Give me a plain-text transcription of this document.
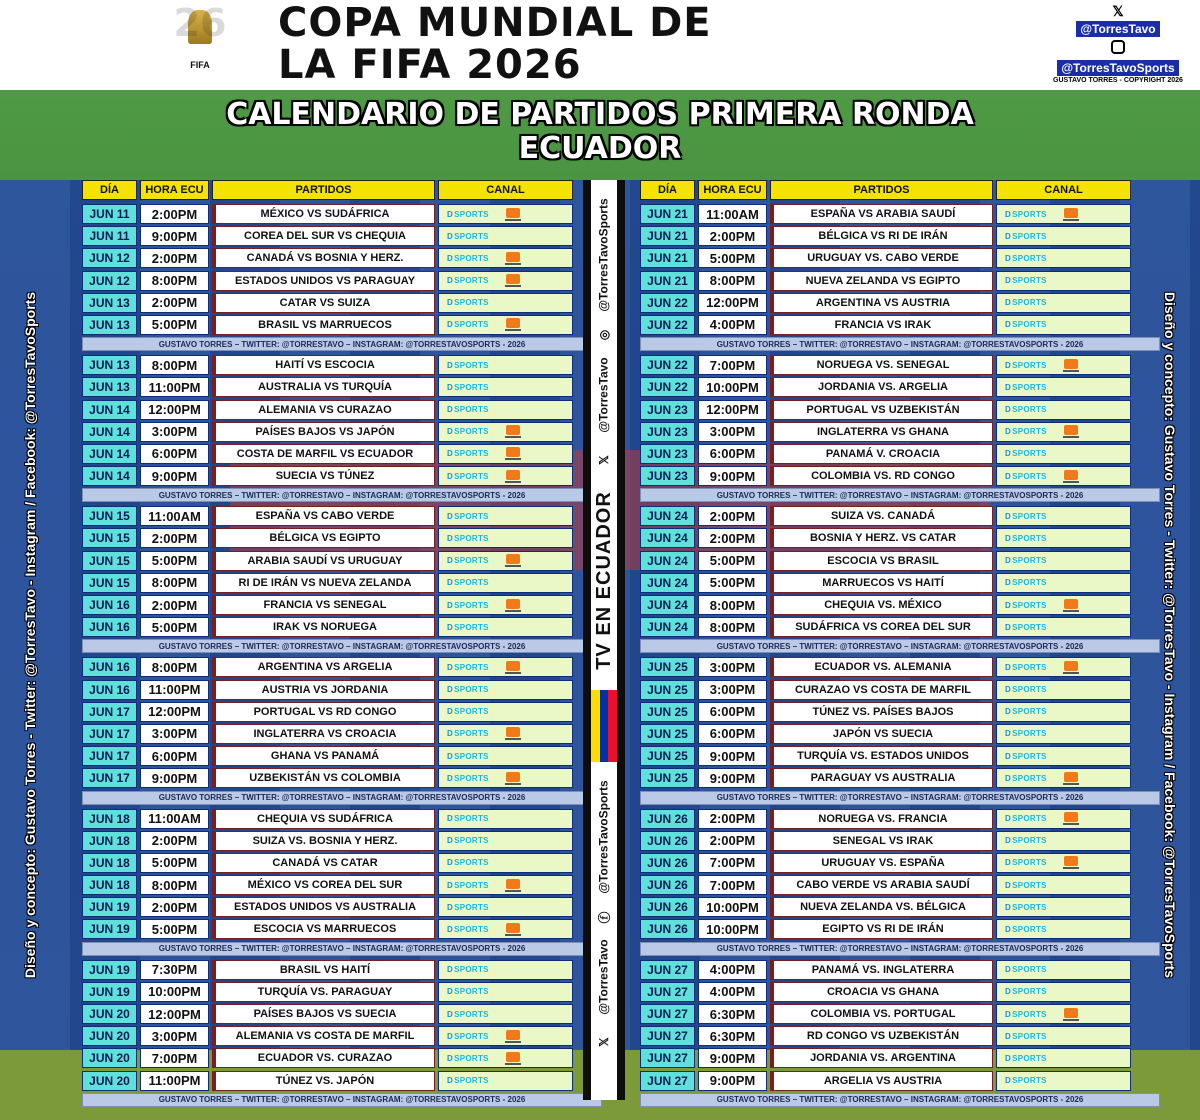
26
FIFA
COPA MUNDIAL DE
LA FIFA 2026
𝕏
@TorresTavo
@TorresTavoSports
GUSTAVO TORRES - COPYRIGHT 2026
CALENDARIO DE PARTIDOS PRIMERA RONDA
ECUADOR
Diseño y concepto: Gustavo Torres - Twitter: @TorresTavo - Instagram / Facebook: @TorresTavoSports	Diseño y concepto: Gustavo Torres - Twitter: @TorresTavo - Instagram / Facebook: @TorresTavoSports
DÍA	HORA ECU	PARTIDOS	CANAL
JUN 11	2:00PM	MÉXICO VS SUDÁFRICA	D SPORTS
JUN 11	9:00PM	COREA DEL SUR VS CHEQUIA	D SPORTS
JUN 12	2:00PM	CANADÁ VS BOSNIA Y HERZ.	D SPORTS
JUN 12	8:00PM	ESTADOS UNIDOS VS PARAGUAY	D SPORTS
JUN 13	2:00PM	CATAR VS SUIZA	D SPORTS
JUN 13	5:00PM	BRASIL VS MARRUECOS	D SPORTS
GUSTAVO TORRES – TWITTER: @TORRESTAVO – INSTAGRAM: @TORRESTAVOSPORTS - 2026
JUN 13	8:00PM	HAITÍ VS ESCOCIA	D SPORTS
JUN 13	11:00PM	AUSTRALIA VS TURQUÍA	D SPORTS
JUN 14	12:00PM	ALEMANIA VS CURAZAO	D SPORTS
JUN 14	3:00PM	PAÍSES BAJOS VS JAPÓN	D SPORTS
JUN 14	6:00PM	COSTA DE MARFIL VS ECUADOR	D SPORTS
JUN 14	9:00PM	SUECIA VS TÚNEZ	D SPORTS
GUSTAVO TORRES – TWITTER: @TORRESTAVO – INSTAGRAM: @TORRESTAVOSPORTS - 2026
JUN 15	11:00AM	ESPAÑA VS CABO VERDE	D SPORTS
JUN 15	2:00PM	BÉLGICA VS EGIPTO	D SPORTS
JUN 15	5:00PM	ARABIA SAUDÍ VS URUGUAY	D SPORTS
JUN 15	8:00PM	RI DE IRÁN VS NUEVA ZELANDA	D SPORTS
JUN 16	2:00PM	FRANCIA VS SENEGAL	D SPORTS
JUN 16	5:00PM	IRAK VS NORUEGA	D SPORTS
GUSTAVO TORRES – TWITTER: @TORRESTAVO – INSTAGRAM: @TORRESTAVOSPORTS - 2026
JUN 16	8:00PM	ARGENTINA VS ARGELIA	D SPORTS
JUN 16	11:00PM	AUSTRIA VS JORDANIA	D SPORTS
JUN 17	12:00PM	PORTUGAL VS RD CONGO	D SPORTS
JUN 17	3:00PM	INGLATERRA VS CROACIA	D SPORTS
JUN 17	6:00PM	GHANA VS PANAMÁ	D SPORTS
JUN 17	9:00PM	UZBEKISTÁN VS COLOMBIA	D SPORTS
GUSTAVO TORRES – TWITTER: @TORRESTAVO – INSTAGRAM: @TORRESTAVOSPORTS - 2026
JUN 18	11:00AM	CHEQUIA VS SUDÁFRICA	D SPORTS
JUN 18	2:00PM	SUIZA VS. BOSNIA Y HERZ.	D SPORTS
JUN 18	5:00PM	CANADÁ VS CATAR	D SPORTS
JUN 18	8:00PM	MÉXICO VS COREA DEL SUR	D SPORTS
JUN 19	2:00PM	ESTADOS UNIDOS VS AUSTRALIA	D SPORTS
JUN 19	5:00PM	ESCOCIA VS MARRUECOS	D SPORTS
GUSTAVO TORRES – TWITTER: @TORRESTAVO – INSTAGRAM: @TORRESTAVOSPORTS - 2026
JUN 19	7:30PM	BRASIL VS HAITÍ	D SPORTS
JUN 19	10:00PM	TURQUÍA VS. PARAGUAY	D SPORTS
JUN 20	12:00PM	PAÍSES BAJOS VS SUECIA	D SPORTS
JUN 20	3:00PM	ALEMANIA VS COSTA DE MARFIL	D SPORTS
JUN 20	7:00PM	ECUADOR VS. CURAZAO	D SPORTS
JUN 20	11:00PM	TÚNEZ VS. JAPÓN	D SPORTS
GUSTAVO TORRES – TWITTER: @TORRESTAVO – INSTAGRAM: @TORRESTAVOSPORTS - 2026
@TorresTavoSports
◎
@TorresTavo
𝕏
TV EN ECUADOR
@TorresTavoSports
ⓕ
@TorresTavo
𝕏
DÍA	HORA ECU	PARTIDOS	CANAL
JUN 21	11:00AM	ESPAÑA VS ARABIA SAUDÍ	D SPORTS
JUN 21	2:00PM	BÉLGICA VS RI DE IRÁN	D SPORTS
JUN 21	5:00PM	URUGUAY VS. CABO VERDE	D SPORTS
JUN 21	8:00PM	NUEVA ZELANDA VS EGIPTO	D SPORTS
JUN 22	12:00PM	ARGENTINA VS AUSTRIA	D SPORTS
JUN 22	4:00PM	FRANCIA VS IRAK	D SPORTS
GUSTAVO TORRES – TWITTER: @TORRESTAVO – INSTAGRAM: @TORRESTAVOSPORTS - 2026
JUN 22	7:00PM	NORUEGA VS. SENEGAL	D SPORTS
JUN 22	10:00PM	JORDANIA VS. ARGELIA	D SPORTS
JUN 23	12:00PM	PORTUGAL VS UZBEKISTÁN	D SPORTS
JUN 23	3:00PM	INGLATERRA VS GHANA	D SPORTS
JUN 23	6:00PM	PANAMÁ V. CROACIA	D SPORTS
JUN 23	9:00PM	COLOMBIA VS. RD CONGO	D SPORTS
GUSTAVO TORRES – TWITTER: @TORRESTAVO – INSTAGRAM: @TORRESTAVOSPORTS - 2026
JUN 24	2:00PM	SUIZA VS. CANADÁ	D SPORTS
JUN 24	2:00PM	BOSNIA Y HERZ. VS CATAR	D SPORTS
JUN 24	5:00PM	ESCOCIA VS BRASIL	D SPORTS
JUN 24	5:00PM	MARRUECOS VS HAITÍ	D SPORTS
JUN 24	8:00PM	CHEQUIA VS. MÉXICO	D SPORTS
JUN 24	8:00PM	SUDÁFRICA VS COREA DEL SUR	D SPORTS
GUSTAVO TORRES – TWITTER: @TORRESTAVO – INSTAGRAM: @TORRESTAVOSPORTS - 2026
JUN 25	3:00PM	ECUADOR VS. ALEMANIA	D SPORTS
JUN 25	3:00PM	CURAZAO VS COSTA DE MARFIL	D SPORTS
JUN 25	6:00PM	TÚNEZ VS. PAÍSES BAJOS	D SPORTS
JUN 25	6:00PM	JAPÓN VS SUECIA	D SPORTS
JUN 25	9:00PM	TURQUÍA VS. ESTADOS UNIDOS	D SPORTS
JUN 25	9:00PM	PARAGUAY VS AUSTRALIA	D SPORTS
GUSTAVO TORRES – TWITTER: @TORRESTAVO – INSTAGRAM: @TORRESTAVOSPORTS - 2026
JUN 26	2:00PM	NORUEGA VS. FRANCIA	D SPORTS
JUN 26	2:00PM	SENEGAL VS IRAK	D SPORTS
JUN 26	7:00PM	URUGUAY VS. ESPAÑA	D SPORTS
JUN 26	7:00PM	CABO VERDE VS ARABIA SAUDÍ	D SPORTS
JUN 26	10:00PM	NUEVA ZELANDA VS. BÉLGICA	D SPORTS
JUN 26	10:00PM	EGIPTO VS RI DE IRÁN	D SPORTS
GUSTAVO TORRES – TWITTER: @TORRESTAVO – INSTAGRAM: @TORRESTAVOSPORTS - 2026
JUN 27	4:00PM	PANAMÁ VS. INGLATERRA	D SPORTS
JUN 27	4:00PM	CROACIA VS GHANA	D SPORTS
JUN 27	6:30PM	COLOMBIA VS. PORTUGAL	D SPORTS
JUN 27	6:30PM	RD CONGO VS UZBEKISTÁN	D SPORTS
JUN 27	9:00PM	JORDANIA VS. ARGENTINA	D SPORTS
JUN 27	9:00PM	ARGELIA VS AUSTRIA	D SPORTS
GUSTAVO TORRES – TWITTER: @TORRESTAVO – INSTAGRAM: @TORRESTAVOSPORTS - 2026
